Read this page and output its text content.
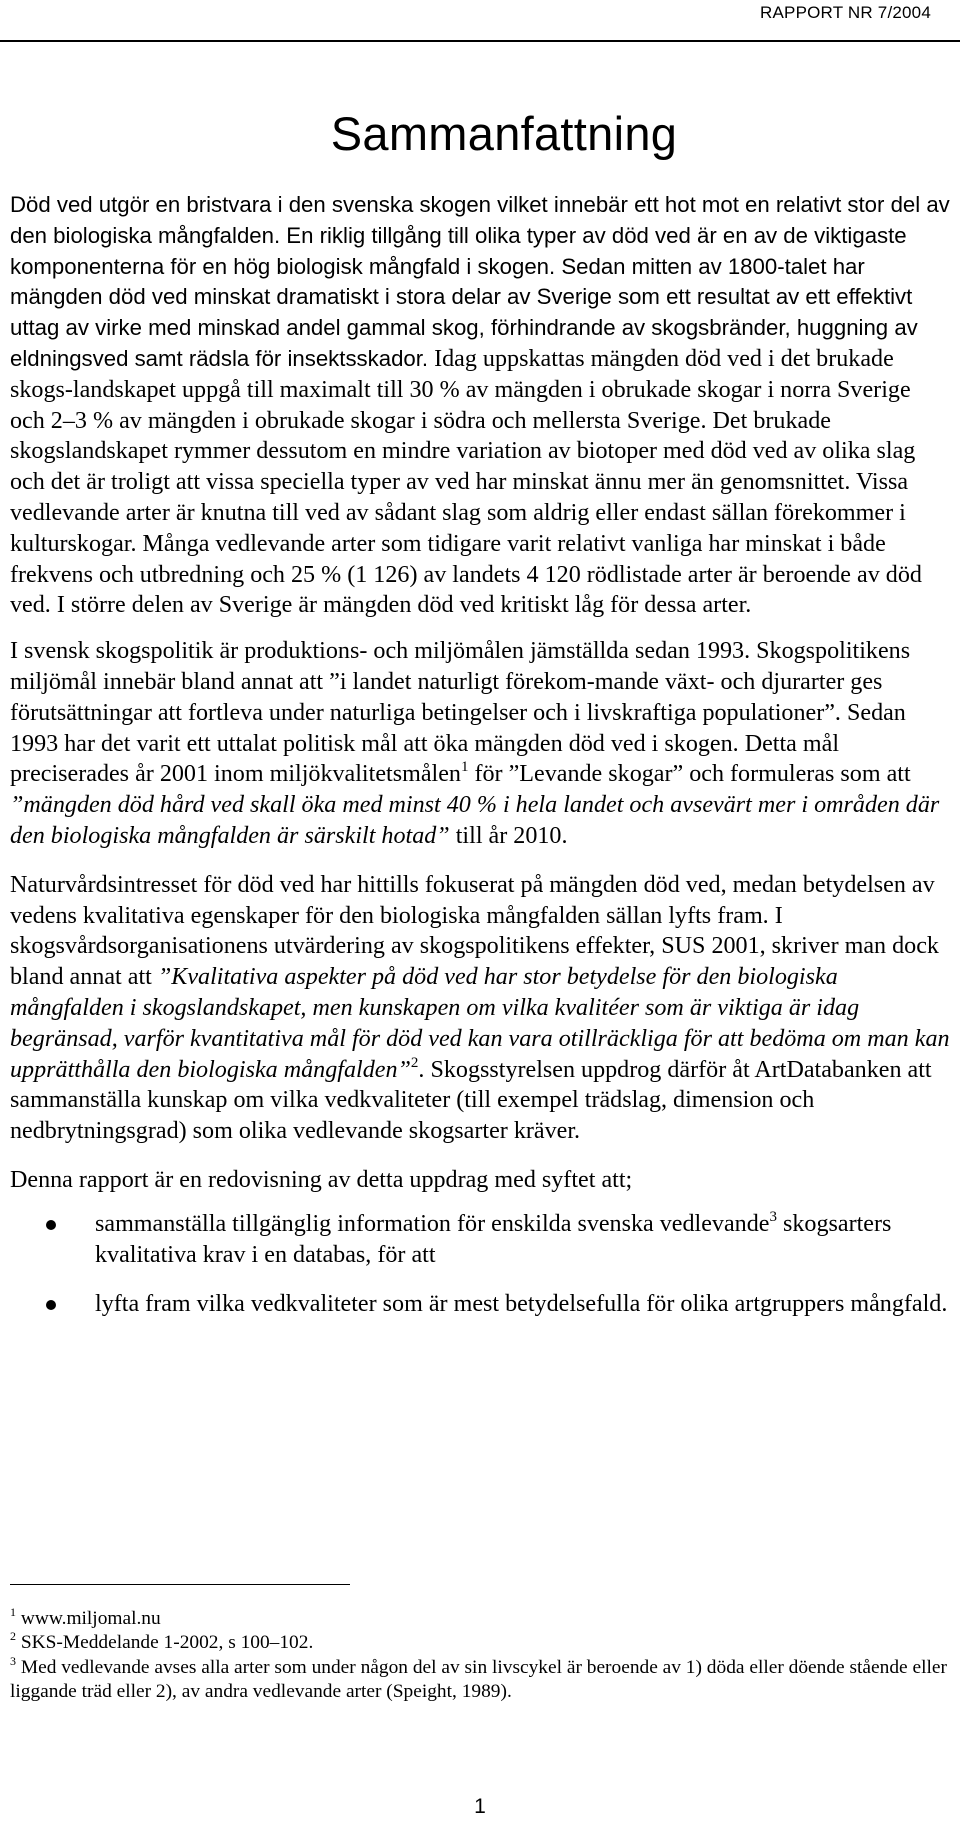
RAPPORT NR 7/2004
Sammanfattning

Död ved utgör en bristvara i den svenska skogen vilket innebär ett hot mot en relativt stor del av den biologiska mångfalden. En riklig tillgång till olika typer av död ved är en av de viktigaste komponenterna för en hög biologisk mångfald i skogen. Sedan mitten av 1800-talet har mängden död ved minskat dramatiskt i stora delar av Sverige som ett resultat av ett effektivt uttag av virke med minskad andel gammal skog, förhindrande av skogsbränder, huggning av eldningsved samt rädsla för insektsskador. Idag uppskattas mängden död ved i det brukade skogs-landskapet uppgå till maximalt till 30 % av mängden i obrukade skogar i norra Sverige och 2–3 % av mängden i obrukade skogar i södra och mellersta Sverige. Det brukade skogslandskapet rymmer dessutom en mindre variation av biotoper med död ved av olika slag och det är troligt att vissa speciella typer av ved har minskat ännu mer än genomsnittet. Vissa vedlevande arter är knutna till ved av sådant slag som aldrig eller endast sällan förekommer i kulturskogar. Många vedlevande arter som tidigare varit relativt vanliga har minskat i både frekvens och utbredning och 25 % (1 126) av landets 4 120 rödlistade arter är beroende av död ved. I större delen av Sverige är mängden död ved kritiskt låg för dessa arter.

I svensk skogspolitik är produktions- och miljömålen jämställda sedan 1993. Skogspolitikens miljömål innebär bland annat att ”i landet naturligt förekom-mande växt- och djurarter ges förutsättningar att fortleva under naturliga betingelser och i livskraftiga populationer”. Sedan 1993 har det varit ett uttalat politisk mål att öka mängden död ved i skogen. Detta mål preciserades år 2001 inom miljökvalitetsmålen$^1$ för ”Levande skogar” och formuleras som att ”mängden död hård ved skall öka med minst 40 % i hela landet och avsevärt mer i områden där den biologiska mångfalden är särskilt hotad” till år 2010.

Naturvårdsintresset för död ved har hittills fokuserat på mängden död ved, medan betydelsen av vedens kvalitativa egenskaper för den biologiska mångfalden sällan lyfts fram. I skogsvårdsorganisationens utvärdering av skogspolitikens effekter, SUS 2001, skriver man dock bland annat att ”Kvalitativa aspekter på död ved har stor betydelse för den biologiska mångfalden i skogslandskapet, men kunskapen om vilka kvalitéer som är viktiga är idag begränsad, varför kvantitativa mål för död ved kan vara otillräckliga för att bedöma om man kan upprätthålla den biologiska mångfalden”$^2$. Skogsstyrelsen uppdrog därför åt ArtDatabanken att sammanställa kunskap om vilka vedkvaliteter (till exempel trädslag, dimension och nedbrytningsgrad) som olika vedlevande skogsarter kräver.

Denna rapport är en redovisning av detta uppdrag med syftet att;

sammanställa tillgänglig information för enskilda svenska vedlevande$^3$ skogsarters kvalitativa krav i en databas, för att
lyfta fram vilka vedkvaliteter som är mest betydelsefulla för olika artgruppers mångfald.

$^1$ www.miljomal.nu

$^2$ SKS-Meddelande 1-2002, s 100–102.

$^3$ Med vedlevande avses alla arter som under någon del av sin livscykel är beroende av 1) döda eller döende stående eller liggande träd eller 2), av andra vedlevande arter (Speight, 1989).

1
